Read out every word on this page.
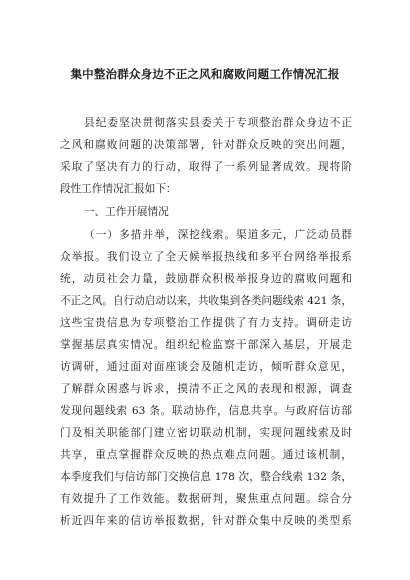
集中整治群众身边不正之风和腐败问题工作情况汇报
县纪委坚决贯彻落实县委关于专项整治群众身边不正
之风和腐败问题的决策部署，针对群众反映的突出问题，
采取了坚决有力的行动，取得了一系列显著成效。现将阶
段性工作情况汇报如下：
一、工作开展情况
（一）多措并举，深挖线索。渠道多元，广泛动员群
众举报。我们设立了全天候举报热线和多平台网络举报系
统，动员社会力量，鼓励群众积极举报身边的腐败问题和
不正之风。自行动启动以来，共收集到各类问题线索 421 条，
这些宝贵信息为专项整治工作提供了有力支持。调研走访
掌握基层真实情况。组织纪检监察干部深入基层，开展走
访调研，通过面对面座谈会及随机走访，倾听群众意见，
了解群众困惑与诉求，摸清不正之风的表现和根源，调查
发现问题线索 63 条。联动协作，信息共享。与政府信访部
门及相关职能部门建立密切联动机制，实现问题线索及时
共享，重点掌握群众反映的热点难点问题。通过该机制，
本季度我们与信访部门交换信息 178 次，整合线索 132 条，
有效提升了工作效能。数据研判，聚焦重点问题。综合分
析近四年来的信访举报数据，针对群众集中反映的类型系
